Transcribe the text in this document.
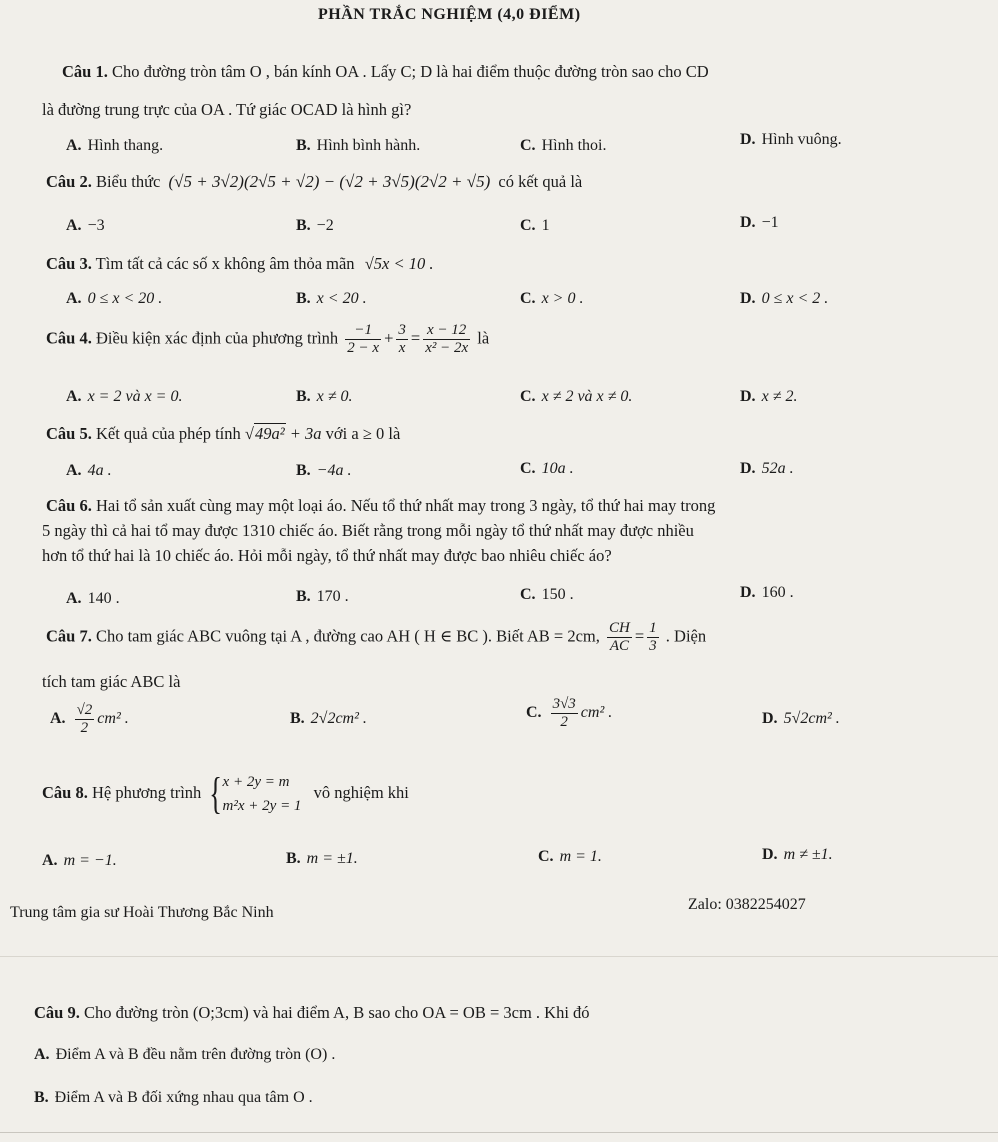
PHẦN TRẮC NGHIỆM (4,0 ĐIỂM)
Câu 1. Cho đường tròn tâm O , bán kính OA . Lấy C; D là hai điểm thuộc đường tròn sao cho CD
là đường trung trực của OA . Tứ giác OCAD là hình gì?
A. Hình thang.	B. Hình bình hành.	C. Hình thoi.	D. Hình vuông.
Câu 2. Biểu thức (√5 + 3√2)(2√5 + √2) − (√2 + 3√5)(2√2 + √5) có kết quả là
A. −3	B. −2	C. 1	D. −1
Câu 3. Tìm tất cả các số x không âm thỏa mãn √5x < 10 .
A. 0 ≤ x < 20 .	B. x < 20 .	C. x > 0 .	D. 0 ≤ x < 2 .
Câu 4. Điều kiện xác định của phương trình $\frac{-1}{2 - x} + \frac{3}{x} = \frac{x - 12}{\text{x² − 2x}}$ là
A. x = 2 và x = 0.	B. x ≠ 0.	C. x ≠ 2 và x ≠ 0.	D. x ≠ 2.
Câu 5. Kết quả của phép tính √49a² + 3a với a ≥ 0 là
A. 4a .	B. −4a .	C. 10a .	D. 52a .
Câu 6. Hai tổ sản xuất cùng may một loại áo. Nếu tổ thứ nhất may trong 3 ngày, tổ thứ hai may trong
5 ngày thì cả hai tổ may được 1310 chiếc áo. Biết rằng trong mỗi ngày tổ thứ nhất may được nhiều
hơn tổ thứ hai là 10 chiếc áo. Hỏi mỗi ngày, tổ thứ nhất may được bao nhiêu chiếc áo?
A. 140 .	B. 170 .	C. 150 .	D. 160 .
Câu 7. Cho tam giác ABC vuông tại A , đường cao AH ( H ∈ BC ). Biết AB = 2cm, $\frac{CH}{AC} = \frac{1}{3}$ . Diện
tích tam giác ABC là
A. $\frac{√2}{2} cm^2$ .	B. 2√2cm² .	C. $\frac{3√3}{2} cm^2$ .	D. 5√2cm² .
Câu 8. Hệ phương trình { x + 2y = m
m²x + 2y = 1
vô nghiệm khi
A. m = −1.	B. m = ±1.	C. m = 1.	D. m ≠ ±1.
Trung tâm gia sư Hoài Thương Bắc Ninh	Zalo: 0382254027
Câu 9. Cho đường tròn (O;3cm) và hai điểm A, B sao cho OA = OB = 3cm . Khi đó
A. Điểm A và B đều nằm trên đường tròn (O) .
B. Điểm A và B đối xứng nhau qua tâm O .
